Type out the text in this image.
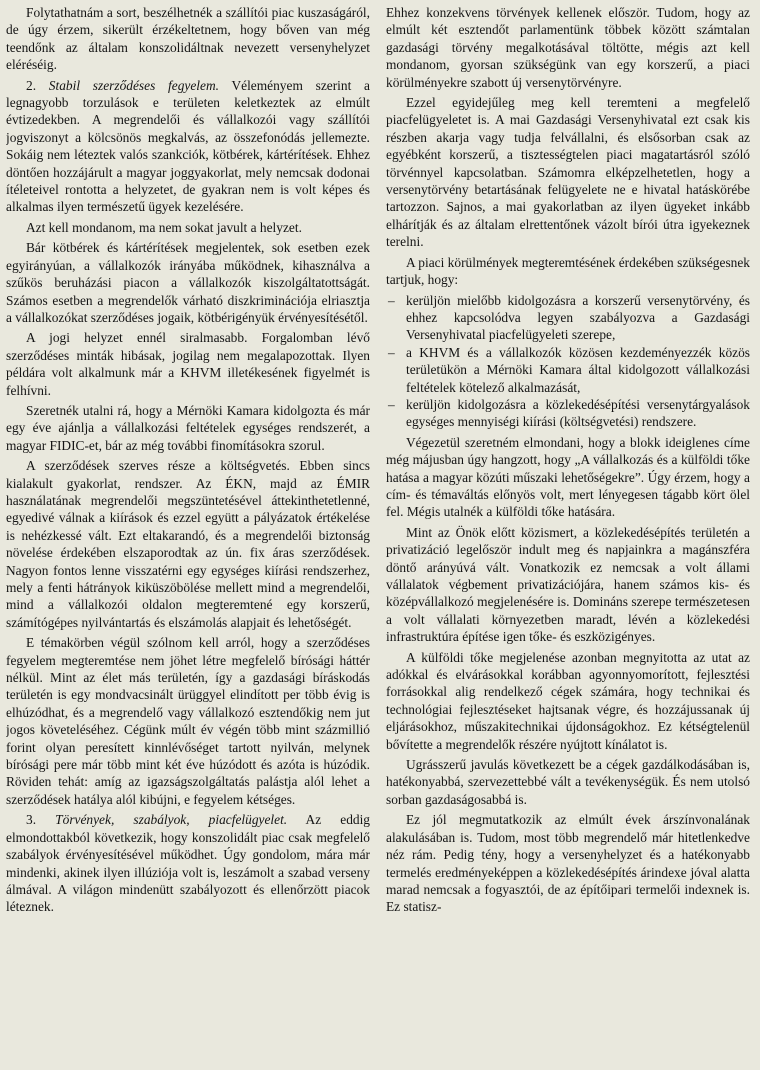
Folytathatnám a sort, beszélhetnék a szállítói piac kuszaságáról, de úgy érzem, sikerült érzékeltetnem, hogy bőven van még teendőnk az általam konszolidáltnak nevezett versenyhelyzet eléréséig.

2. Stabil szerződéses fegyelem. Véleményem szerint a legnagyobb torzulások e területen keletkeztek az elmúlt évtizedekben. A megrendelői és vállalkozói vagy szállítói jogviszonyt a kölcsönös megkalvás, az összefonódás jellemezte. Sokáig nem léteztek valós szankciók, kötbérek, kártérítések. Ehhez döntően hozzájárult a magyar joggyakorlat, mely nemcsak dodonai ítéleteivel rontotta a helyzetet, de gyakran nem is volt képes és alkalmas ilyen természetű ügyek kezelésére.

Azt kell mondanom, ma nem sokat javult a helyzet.

Bár kötbérek és kártérítések megjelentek, sok esetben ezek egyirányúan, a vállalkozók irányába működnek, kihasználva a szűkös beruházási piacon a vállalkozók kiszolgáltatottságát. Számos esetben a megrendelők várható diszkriminációja elriasztja a vállalkozókat szerződéses jogaik, kötbérigényük érvényesítésétől.

A jogi helyzet ennél siralmasabb. Forgalomban lévő szerződéses minták hibásak, jogilag nem megalapozottak. Ilyen példára volt alkalmunk már a KHVM illetékesének figyelmét is felhívni.

Szeretnék utalni rá, hogy a Mérnöki Kamara kidolgozta és már egy éve ajánlja a vállalkozási feltételek egységes rendszerét, a magyar FIDIC-et, bár az még további finomításokra szorul.

A szerződések szerves része a költségvetés. Ebben sincs kialakult gyakorlat, rendszer. Az ÉKN, majd az ÉMIR használatának megrendelői megszüntetésével áttekinthetetlenné, egyedivé válnak a kiírások és ezzel együtt a pályázatok értékelése is nehézkessé vált. Ezt eltakarandó, és a megrendelői biztonság növelése érdekében elszaporodtak az ún. fix áras szerződések. Nagyon fontos lenne visszatérni egy egységes kiírási rendszerhez, mely a fenti hátrányok kiküszöbölése mellett mind a megrendelői, mind a vállalkozói oldalon megteremtené egy korszerű, számítógépes nyilvántartás és elszámolás alapjait és lehetőségét.

E témakörben végül szólnom kell arról, hogy a szerződéses fegyelem megteremtése nem jöhet létre megfelelő bírósági háttér nélkül. Mint az élet más területén, így a gazdasági bíráskodás területén is egy mondvacsinált ürüggyel elindított per több évig is elhúzódhat, és a megrendelő vagy vállalkozó esztendőkig nem jut jogos követeléséhez. Cégünk múlt év végén több mint százmillió forint olyan peresített kinnlévőséget tartott nyilván, melynek bírósági pere már több mint két éve húzódott és azóta is húzódik. Röviden tehát: amíg az igazságszolgáltatás palástja alól lehet a szerződések hatálya alól kibújni, e fegyelem kétséges.

3. Törvények, szabályok, piacfelügyelet. Az eddig elmondottakból következik, hogy konszolidált piac csak megfelelő szabályok érvényesítésével működhet. Úgy gondolom, mára már mindenki, akinek ilyen illúziója volt is, leszámolt a szabad verseny álmával. A világon mindenütt szabályozott és ellenőrzött piacok léteznek.

Ehhez konzekvens törvények kellenek először. Tudom, hogy az elmúlt két esztendőt parlamentünk többek között számtalan gazdasági törvény megalkotásával töltötte, mégis azt kell mondanom, gyorsan szükségünk van egy korszerű, a piaci körülményekre szabott új versenytörvényre.

Ezzel egyidejűleg meg kell teremteni a megfelelő piacfelügyeletet is. A mai Gazdasági Versenyhivatal ezt csak kis részben akarja vagy tudja felvállalni, és elsősorban csak az egyébként korszerű, a tisztességtelen piaci magatartásról szóló törvénnyel kapcsolatban. Számomra elképzelhetetlen, hogy a versenytörvény betartásának felügyelete ne e hivatal hatáskörébe tartozzon. Sajnos, a mai gyakorlatban az ilyen ügyeket inkább elhárítják és az általam elrettentőnek vázolt bírói útra igyekeznek terelni.

A piaci körülmények megteremtésének érdekében szükségesnek tartjuk, hogy:

– kerüljön mielőbb kidolgozásra a korszerű versenytörvény, és ehhez kapcsolódva legyen szabályozva a Gazdasági Versenyhivatal piacfelügyeleti szerepe,
– a KHVM és a vállalkozók közösen kezdeményezzék közös területükön a Mérnöki Kamara által kidolgozott vállalkozási feltételek kötelező alkalmazását,
– kerüljön kidolgozásra a közlekedésépítési versenytárgyalások egységes mennyiségi kiírási (költségvetési) rendszere.

Végezetül szeretném elmondani, hogy a blokk ideiglenes címe még májusban úgy hangzott, hogy „A vállalkozás és a külföldi tőke hatása a magyar közúti műszaki lehetőségekre”. Úgy érzem, hogy a cím- és témaváltás előnyös volt, mert lényegesen tágabb kört ölel fel. Mégis utalnék a külföldi tőke hatására.

Mint az Önök előtt közismert, a közlekedésépítés területén a privatizáció legelőször indult meg és napjainkra a magánszféra döntő arányúvá vált. Vonatkozik ez nemcsak a volt állami vállalatok végbement privatizációjára, hanem számos kis- és középvállalkozó megjelenésére is. Domináns szerepe természetesen a volt vállalati környezetben maradt, lévén a közlekedési infrastruktúra építése igen tőke- és eszközigényes.

A külföldi tőke megjelenése azonban megnyitotta az utat az adókkal és elvárásokkal korábban agyonnyomorított, fejlesztési forrásokkal alig rendelkező cégek számára, hogy technikai és technológiai fejlesztéseket hajtsanak végre, és hozzájussanak új eljárásokhoz, műszakitechnikai újdonságokhoz. Ez kétségtelenül bővítette a megrendelők részére nyújtott kínálatot is.

Ugrásszerű javulás következett be a cégek gazdálkodásában is, hatékonyabbá, szervezettebbé vált a tevékenységük. És nem utolsó sorban gazdaságosabbá is.

Ez jól megmutatkozik az elmúlt évek árszínvonalának alakulásában is. Tudom, most több megrendelő már hitetlenkedve néz rám. Pedig tény, hogy a versenyhelyzet és a hatékonyabb termelés eredményeképpen a közlekedésépítés árindexe jóval alatta marad nemcsak a fogyasztói, de az építőipari termelői indexnek is. Ez statisz-
